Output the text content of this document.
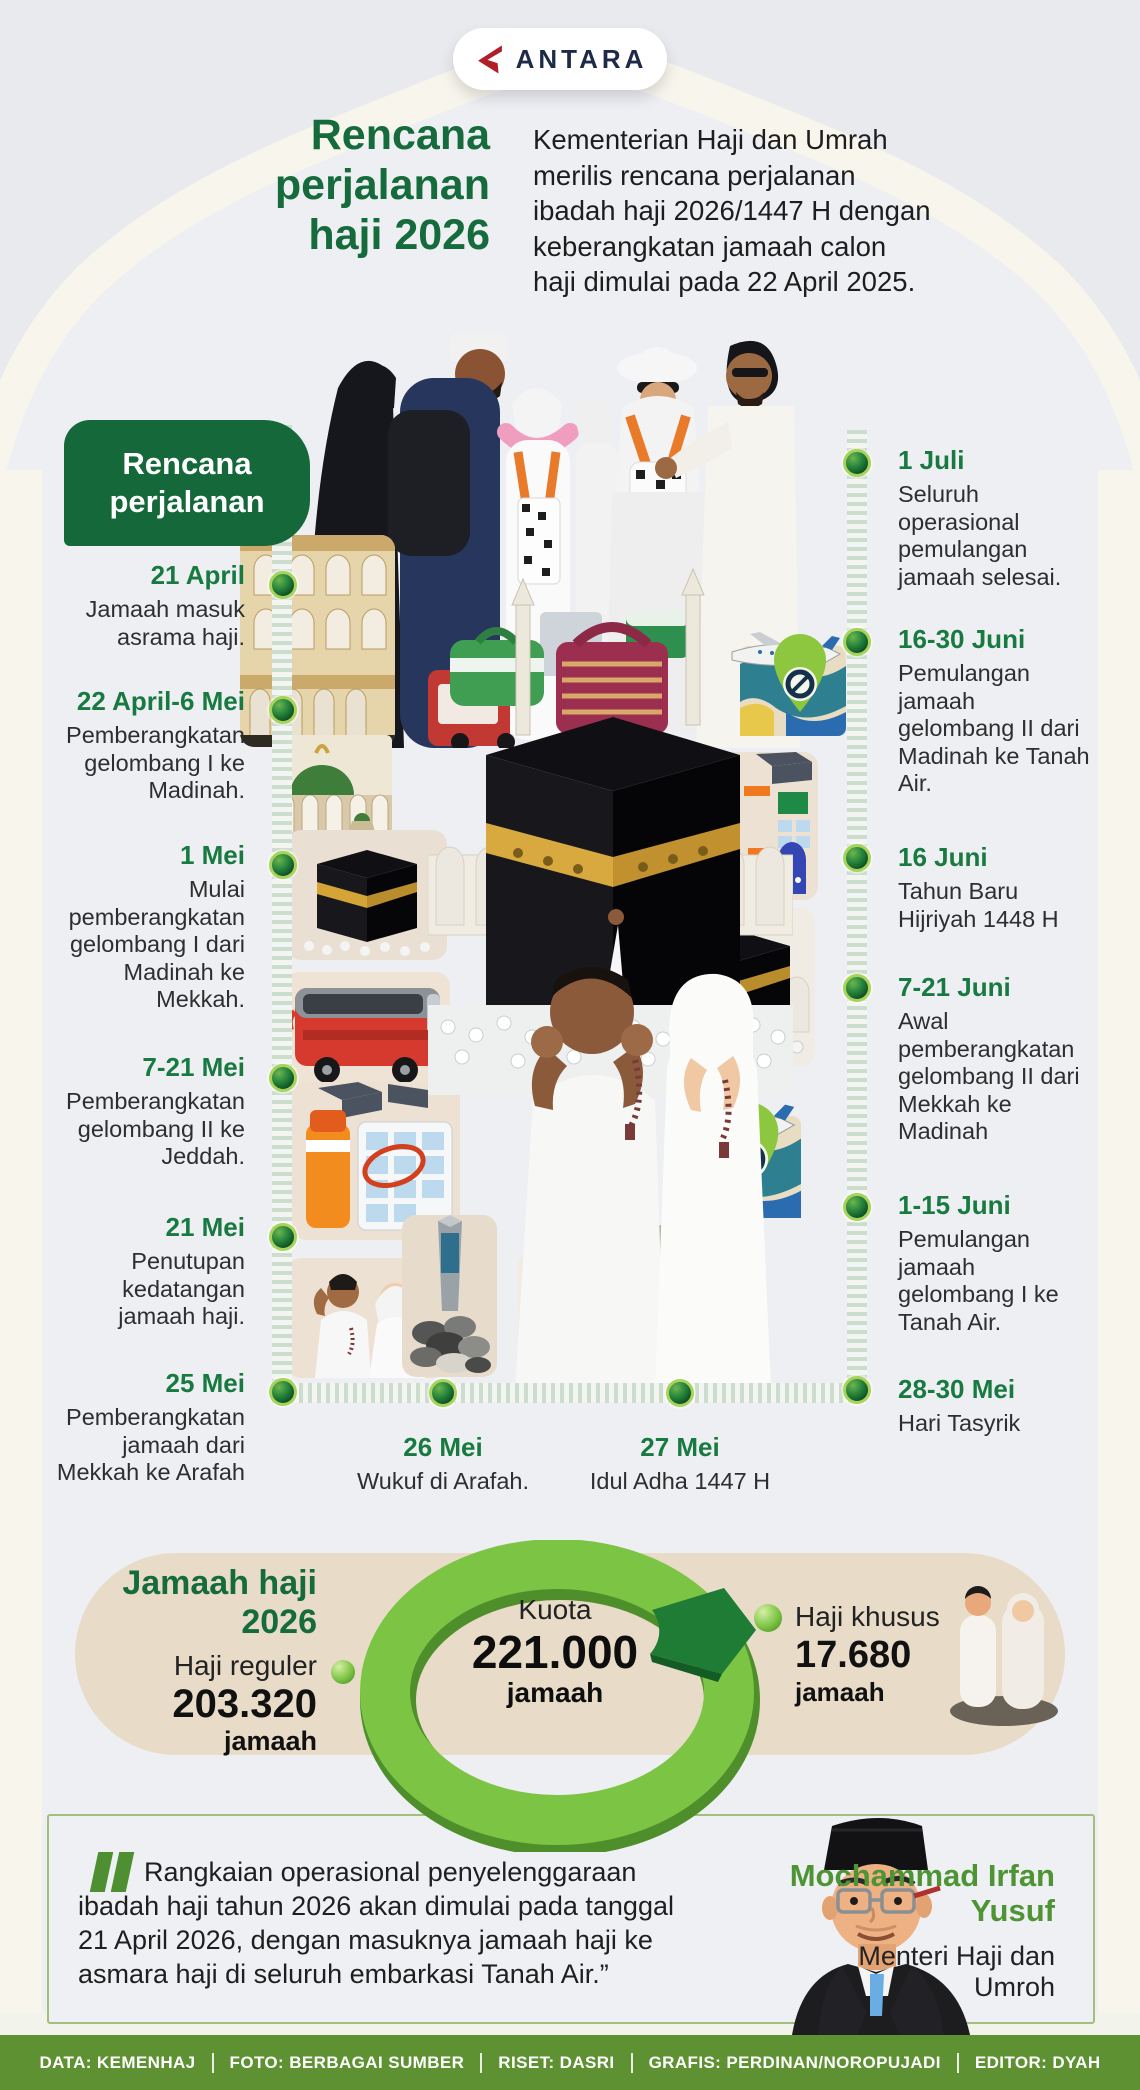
ANTARA
Rencana
perjalanan
haji 2026
Kementerian Haji dan Umrah
merilis rencana perjalanan
ibadah haji 2026/1447 H dengan
keberangkatan jamaah calon
haji dimulai pada 22 April 2025.
Rencana perjalanan
21 April
Jamaah masuk asrama haji.
22 April-6 Mei
Pemberangkatan gelombang I ke Madinah.
1 Mei
Mulai pemberangkatan gelombang I dari Madinah ke Mekkah.
7-21 Mei
Pemberangkatan gelombang II ke Jeddah.
21 Mei
Penutupan kedatangan jamaah haji.
25 Mei
Pemberangkatan jamaah dari Mekkah ke Arafah
1 Juli
Seluruh operasional pemulangan jamaah selesai.
16-30 Juni
Pemulangan jamaah gelombang II dari Madinah ke Tanah Air.
16 Juni
Tahun Baru Hijriyah 1448 H
7-21 Juni
Awal pemberangkatan gelombang II dari Mekkah ke Madinah
1-15 Juni
Pemulangan jamaah gelombang I ke Tanah Air.
28-30 Mei
Hari Tasyrik
26 Mei
Wukuf di Arafah.
27 Mei
Idul Adha 1447 H
Jamaah haji 2026
Haji reguler
203.320
jamaah
Kuota
221.000
jamaah
Haji khusus
17.680
jamaah
Rangkaian operasional penyelenggaraan
ibadah haji tahun 2026 akan dimulai pada tanggal
21 April 2026, dengan masuknya jamaah haji ke
asmara haji di seluruh embarkasi Tanah Air.”
Mochammad Irfan Yusuf
Menteri Haji dan Umroh
DATA: KEMENHAJ FOTO: BERBAGAI SUMBER RISET: DASRI GRAFIS: PERDINAN/NOROPUJADI EDITOR: DYAH
